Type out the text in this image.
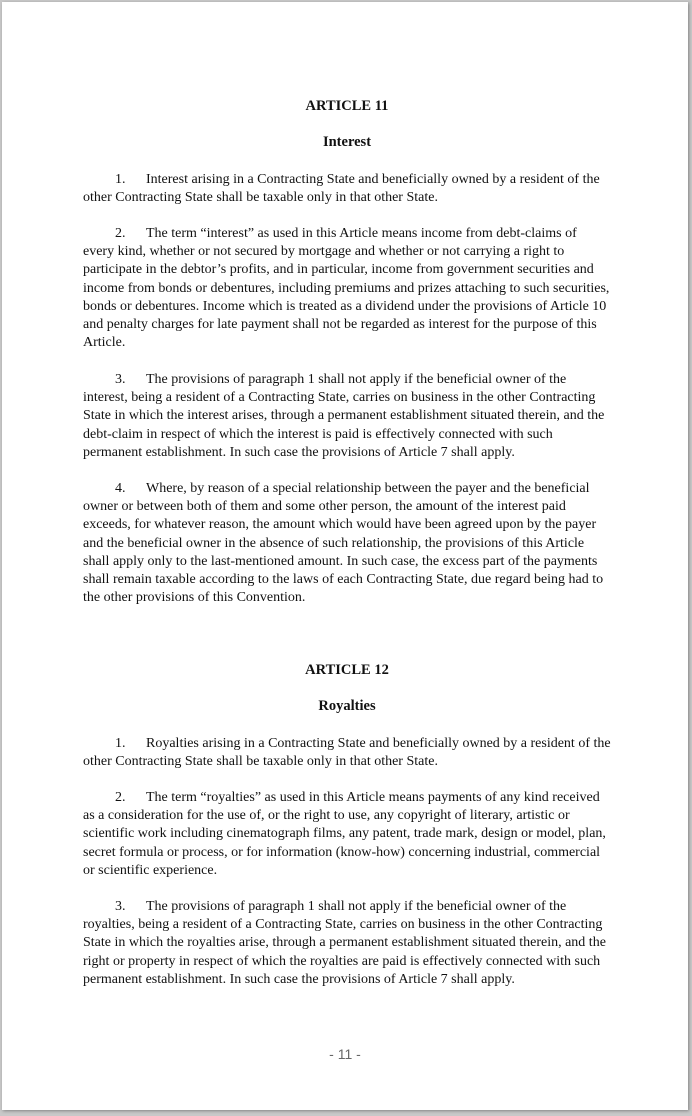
ARTICLE 11
Interest

1. Interest arising in a Contracting State and beneficially owned by a resident of the other Contracting State shall be taxable only in that other State.

2. The term “interest” as used in this Article means income from debt-claims of every kind, whether or not secured by mortgage and whether or not carrying a right to participate in the debtor’s profits, and in particular, income from government securities and income from bonds or debentures, including premiums and prizes attaching to such securities, bonds or debentures. Income which is treated as a dividend under the provisions of Article 10 and penalty charges for late payment shall not be regarded as interest for the purpose of this Article.

3. The provisions of paragraph 1 shall not apply if the beneficial owner of the interest, being a resident of a Contracting State, carries on business in the other Contracting State in which the interest arises, through a permanent establishment situated therein, and the debt-claim in respect of which the interest is paid is effectively connected with such permanent establishment. In such case the provisions of Article 7 shall apply.

4. Where, by reason of a special relationship between the payer and the beneficial owner or between both of them and some other person, the amount of the interest paid exceeds, for whatever reason, the amount which would have been agreed upon by the payer and the beneficial owner in the absence of such relationship, the provisions of this Article shall apply only to the last-mentioned amount. In such case, the excess part of the payments shall remain taxable according to the laws of each Contracting State, due regard being had to the other provisions of this Convention.

ARTICLE 12
Royalties

1. Royalties arising in a Contracting State and beneficially owned by a resident of the other Contracting State shall be taxable only in that other State.

2. The term “royalties” as used in this Article means payments of any kind received as a consideration for the use of, or the right to use, any copyright of literary, artistic or scientific work including cinematograph films, any patent, trade mark, design or model, plan, secret formula or process, or for information (know-how) concerning industrial, commercial or scientific experience.

3. The provisions of paragraph 1 shall not apply if the beneficial owner of the royalties, being a resident of a Contracting State, carries on business in the other Contracting State in which the royalties arise, through a permanent establishment situated therein, and the right or property in respect of which the royalties are paid is effectively connected with such permanent establishment. In such case the provisions of Article 7 shall apply.

- 11 -
